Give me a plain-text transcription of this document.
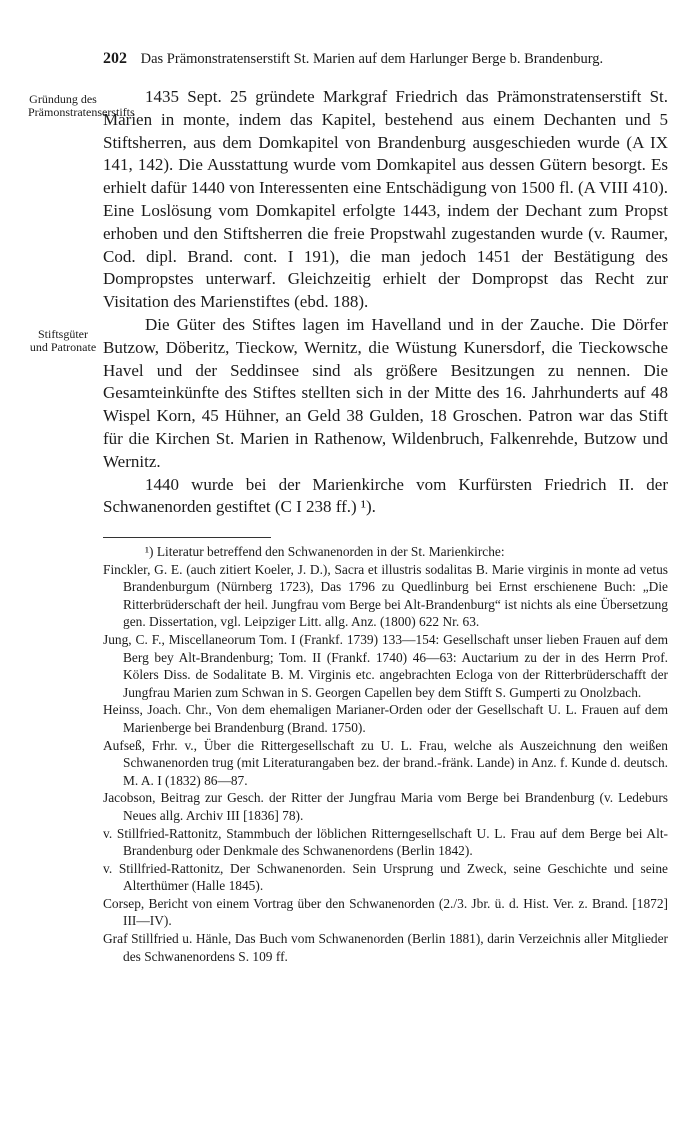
202 Das Prämonstratenserstift St. Marien auf dem Harlunger Berge b. Brandenburg.
Gründung des Prämonstratenserstifts
Stiftsgüter und Patronate

1435 Sept. 25 gründete Markgraf Friedrich das Prämonstratenserstift St. Marien in monte, indem das Kapitel, bestehend aus einem Dechanten und 5 Stiftsherren, aus dem Domkapitel von Brandenburg ausgeschieden wurde (A IX 141, 142). Die Ausstattung wurde vom Domkapitel aus dessen Gütern besorgt. Es erhielt dafür 1440 von Interessenten eine Entschädigung von 1500 fl. (A VIII 410). Eine Loslösung vom Domkapitel erfolgte 1443, indem der Dechant zum Propst erhoben und den Stiftsherren die freie Propstwahl zugestanden wurde (v. Raumer, Cod. dipl. Brand. cont. I 191), die man jedoch 1451 der Bestätigung des Dompropstes unterwarf. Gleichzeitig erhielt der Dompropst das Recht zur Visitation des Marienstiftes (ebd. 188).

Die Güter des Stiftes lagen im Havelland und in der Zauche. Die Dörfer Butzow, Döberitz, Tieckow, Wernitz, die Wüstung Kunersdorf, die Tieckowsche Havel und der Seddinsee sind als größere Besitzungen zu nennen. Die Gesamteinkünfte des Stiftes stellten sich in der Mitte des 16. Jahrhunderts auf 48 Wispel Korn, 45 Hühner, an Geld 38 Gulden, 18 Groschen. Patron war das Stift für die Kirchen St. Marien in Rathenow, Wildenbruch, Falkenrehde, Butzow und Wernitz.

1440 wurde bei der Marienkirche vom Kurfürsten Friedrich II. der Schwanenorden gestiftet (C I 238 ff.) ¹).

¹) Literatur betreffend den Schwanenorden in der St. Marienkirche:

Finckler, G. E. (auch zitiert Koeler, J. D.), Sacra et illustris sodalitas B. Marie virginis in monte ad vetus Brandenburgum (Nürnberg 1723), Das 1796 zu Quedlinburg bei Ernst erschienene Buch: „Die Ritterbrüderschaft der heil. Jungfrau vom Berge bei Alt-Brandenburg“ ist nichts als eine Übersetzung gen. Dissertation, vgl. Leipziger Litt. allg. Anz. (1800) 622 Nr. 63.

Jung, C. F., Miscellaneorum Tom. I (Frankf. 1739) 133—154: Gesellschaft unser lieben Frauen auf dem Berg bey Alt-Brandenburg; Tom. II (Frankf. 1740) 46—63: Auctarium zu der in des Herrn Prof. Kölers Diss. de Sodalitate B. M. Virginis etc. angebrachten Ecloga von der Ritterbrüderschafft der Jungfrau Marien zum Schwan in S. Georgen Capellen bey dem Stifft S. Gumperti zu Onolzbach.

Heinss, Joach. Chr., Von dem ehemaligen Marianer-Orden oder der Gesellschaft U. L. Frauen auf dem Marienberge bei Brandenburg (Brand. 1750).

Aufseß, Frhr. v., Über die Rittergesellschaft zu U. L. Frau, welche als Auszeichnung den weißen Schwanenorden trug (mit Literaturangaben bez. der brand.-fränk. Lande) in Anz. f. Kunde d. deutsch. M. A. I (1832) 86—87.

Jacobson, Beitrag zur Gesch. der Ritter der Jungfrau Maria vom Berge bei Brandenburg (v. Ledeburs Neues allg. Archiv III [1836] 78).

v. Stillfried-Rattonitz, Stammbuch der löblichen Ritterngesellschaft U. L. Frau auf dem Berge bei Alt-Brandenburg oder Denkmale des Schwanenordens (Berlin 1842).

v. Stillfried-Rattonitz, Der Schwanenorden. Sein Ursprung und Zweck, seine Geschichte und seine Alterthümer (Halle 1845).

Corsep, Bericht von einem Vortrag über den Schwanenorden (2./3. Jbr. ü. d. Hist. Ver. z. Brand. [1872] III—IV).

Graf Stillfried u. Hänle, Das Buch vom Schwanenorden (Berlin 1881), darin Verzeichnis aller Mitglieder des Schwanenordens S. 109 ff.
